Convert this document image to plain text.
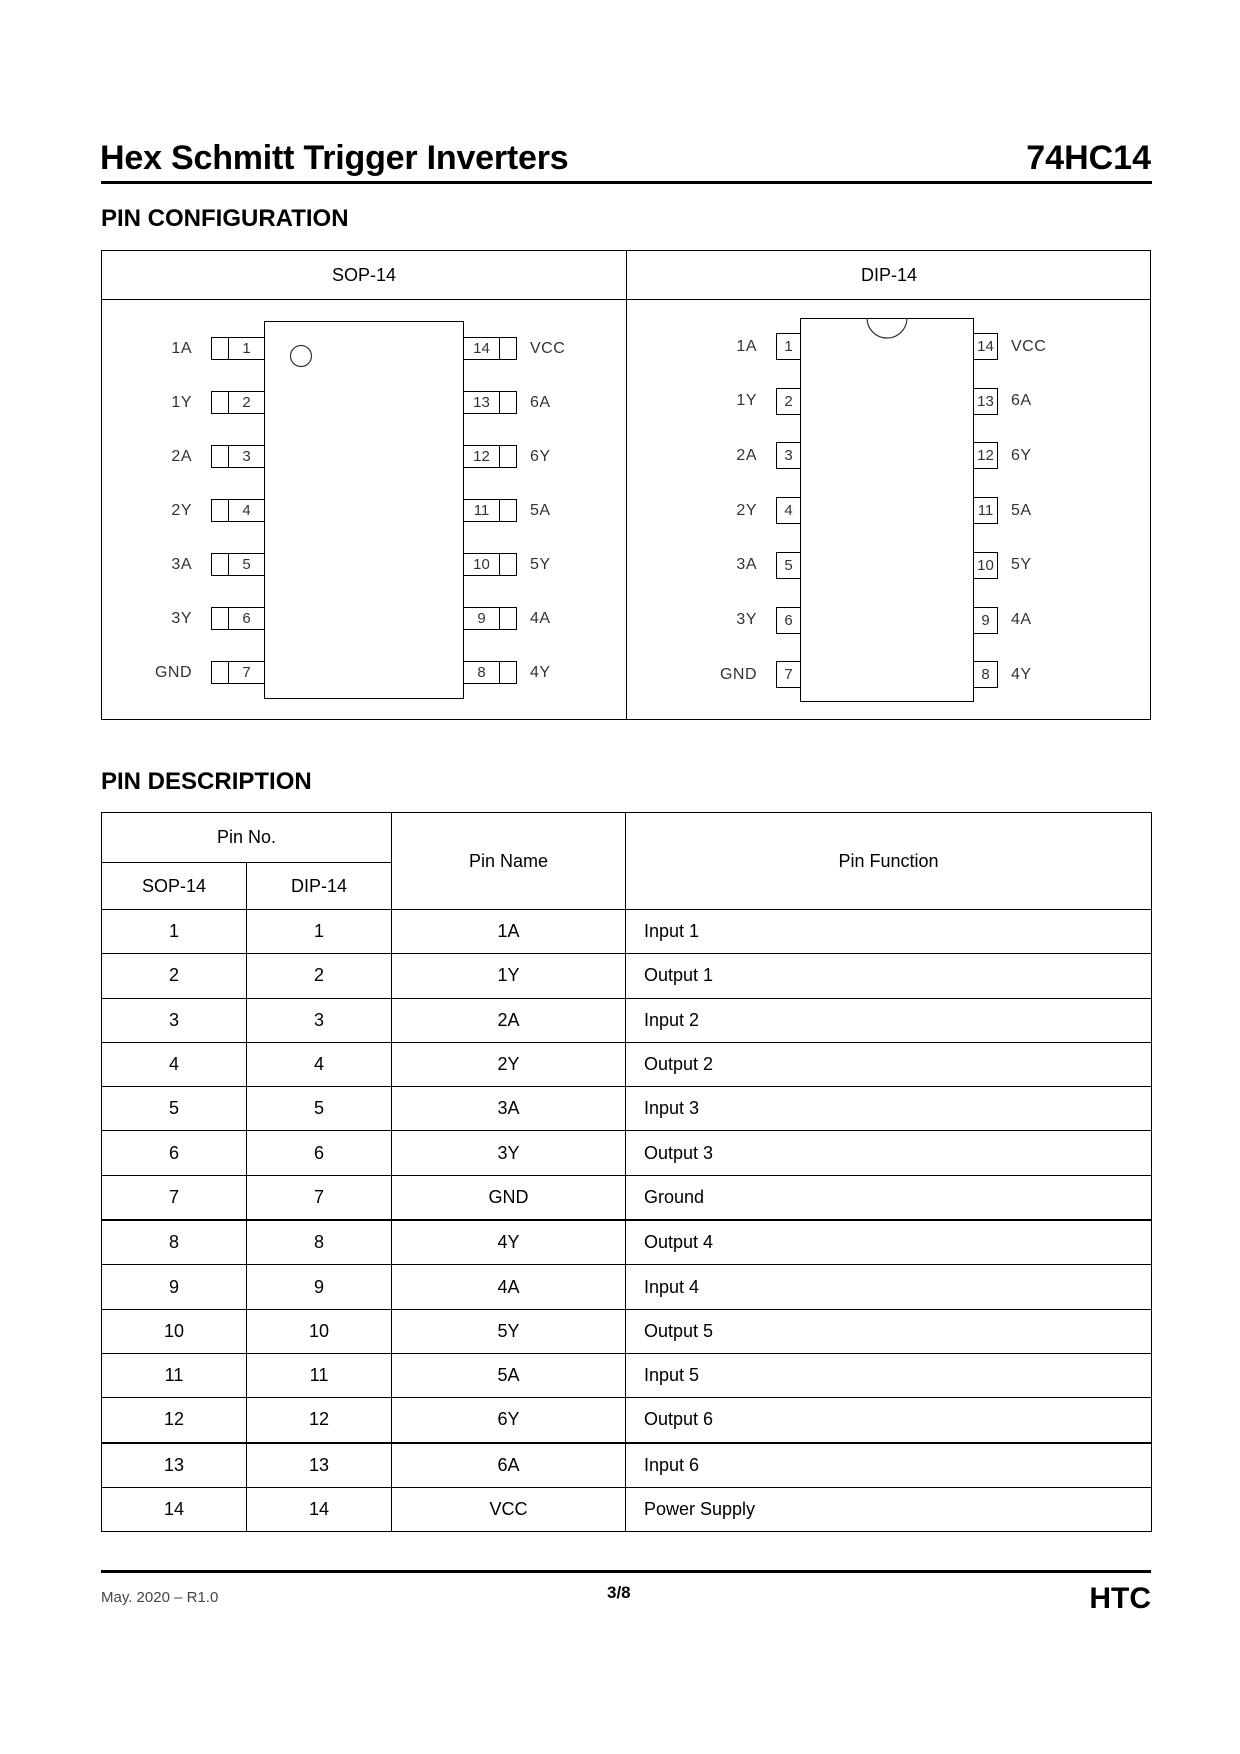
Hex Schmitt Trigger Inverters	74HC14
PIN CONFIGURATION
SOP-14	DIP-14
1
1A
2
1Y
3
2A
4
2Y
5
3A
6
3Y
7
GND
14	VCC
13	6A
12	6Y
11	5A
10	5Y
9	4A
8	4Y
1
1A
2
1Y
3
2A
4
2Y
5
3A
6
3Y
7
GND
14 VCC
13 6A
12 6Y
11 5A
10 5Y
9	4A
8	4Y
PIN DESCRIPTION
Pin No.		Pin Name	Pin Function
SOP-14	DIP-14		
1	1	1A	Input 1
2	2	1Y	Output 1
3	3	2A	Input 2
4	4	2Y	Output 2
5	5	3A	Input 3
6	6	3Y	Output 3
7	7	GND	Ground
8	8	4Y	Output 4
9	9	4A	Input 4
10	10	5Y	Output 5
11	11	5A	Input 5
12	12	6Y	Output 6
13	13	6A	Input 6
14	14	VCC	Power Supply
May. 2020 – R1.0	3/8	HTC
